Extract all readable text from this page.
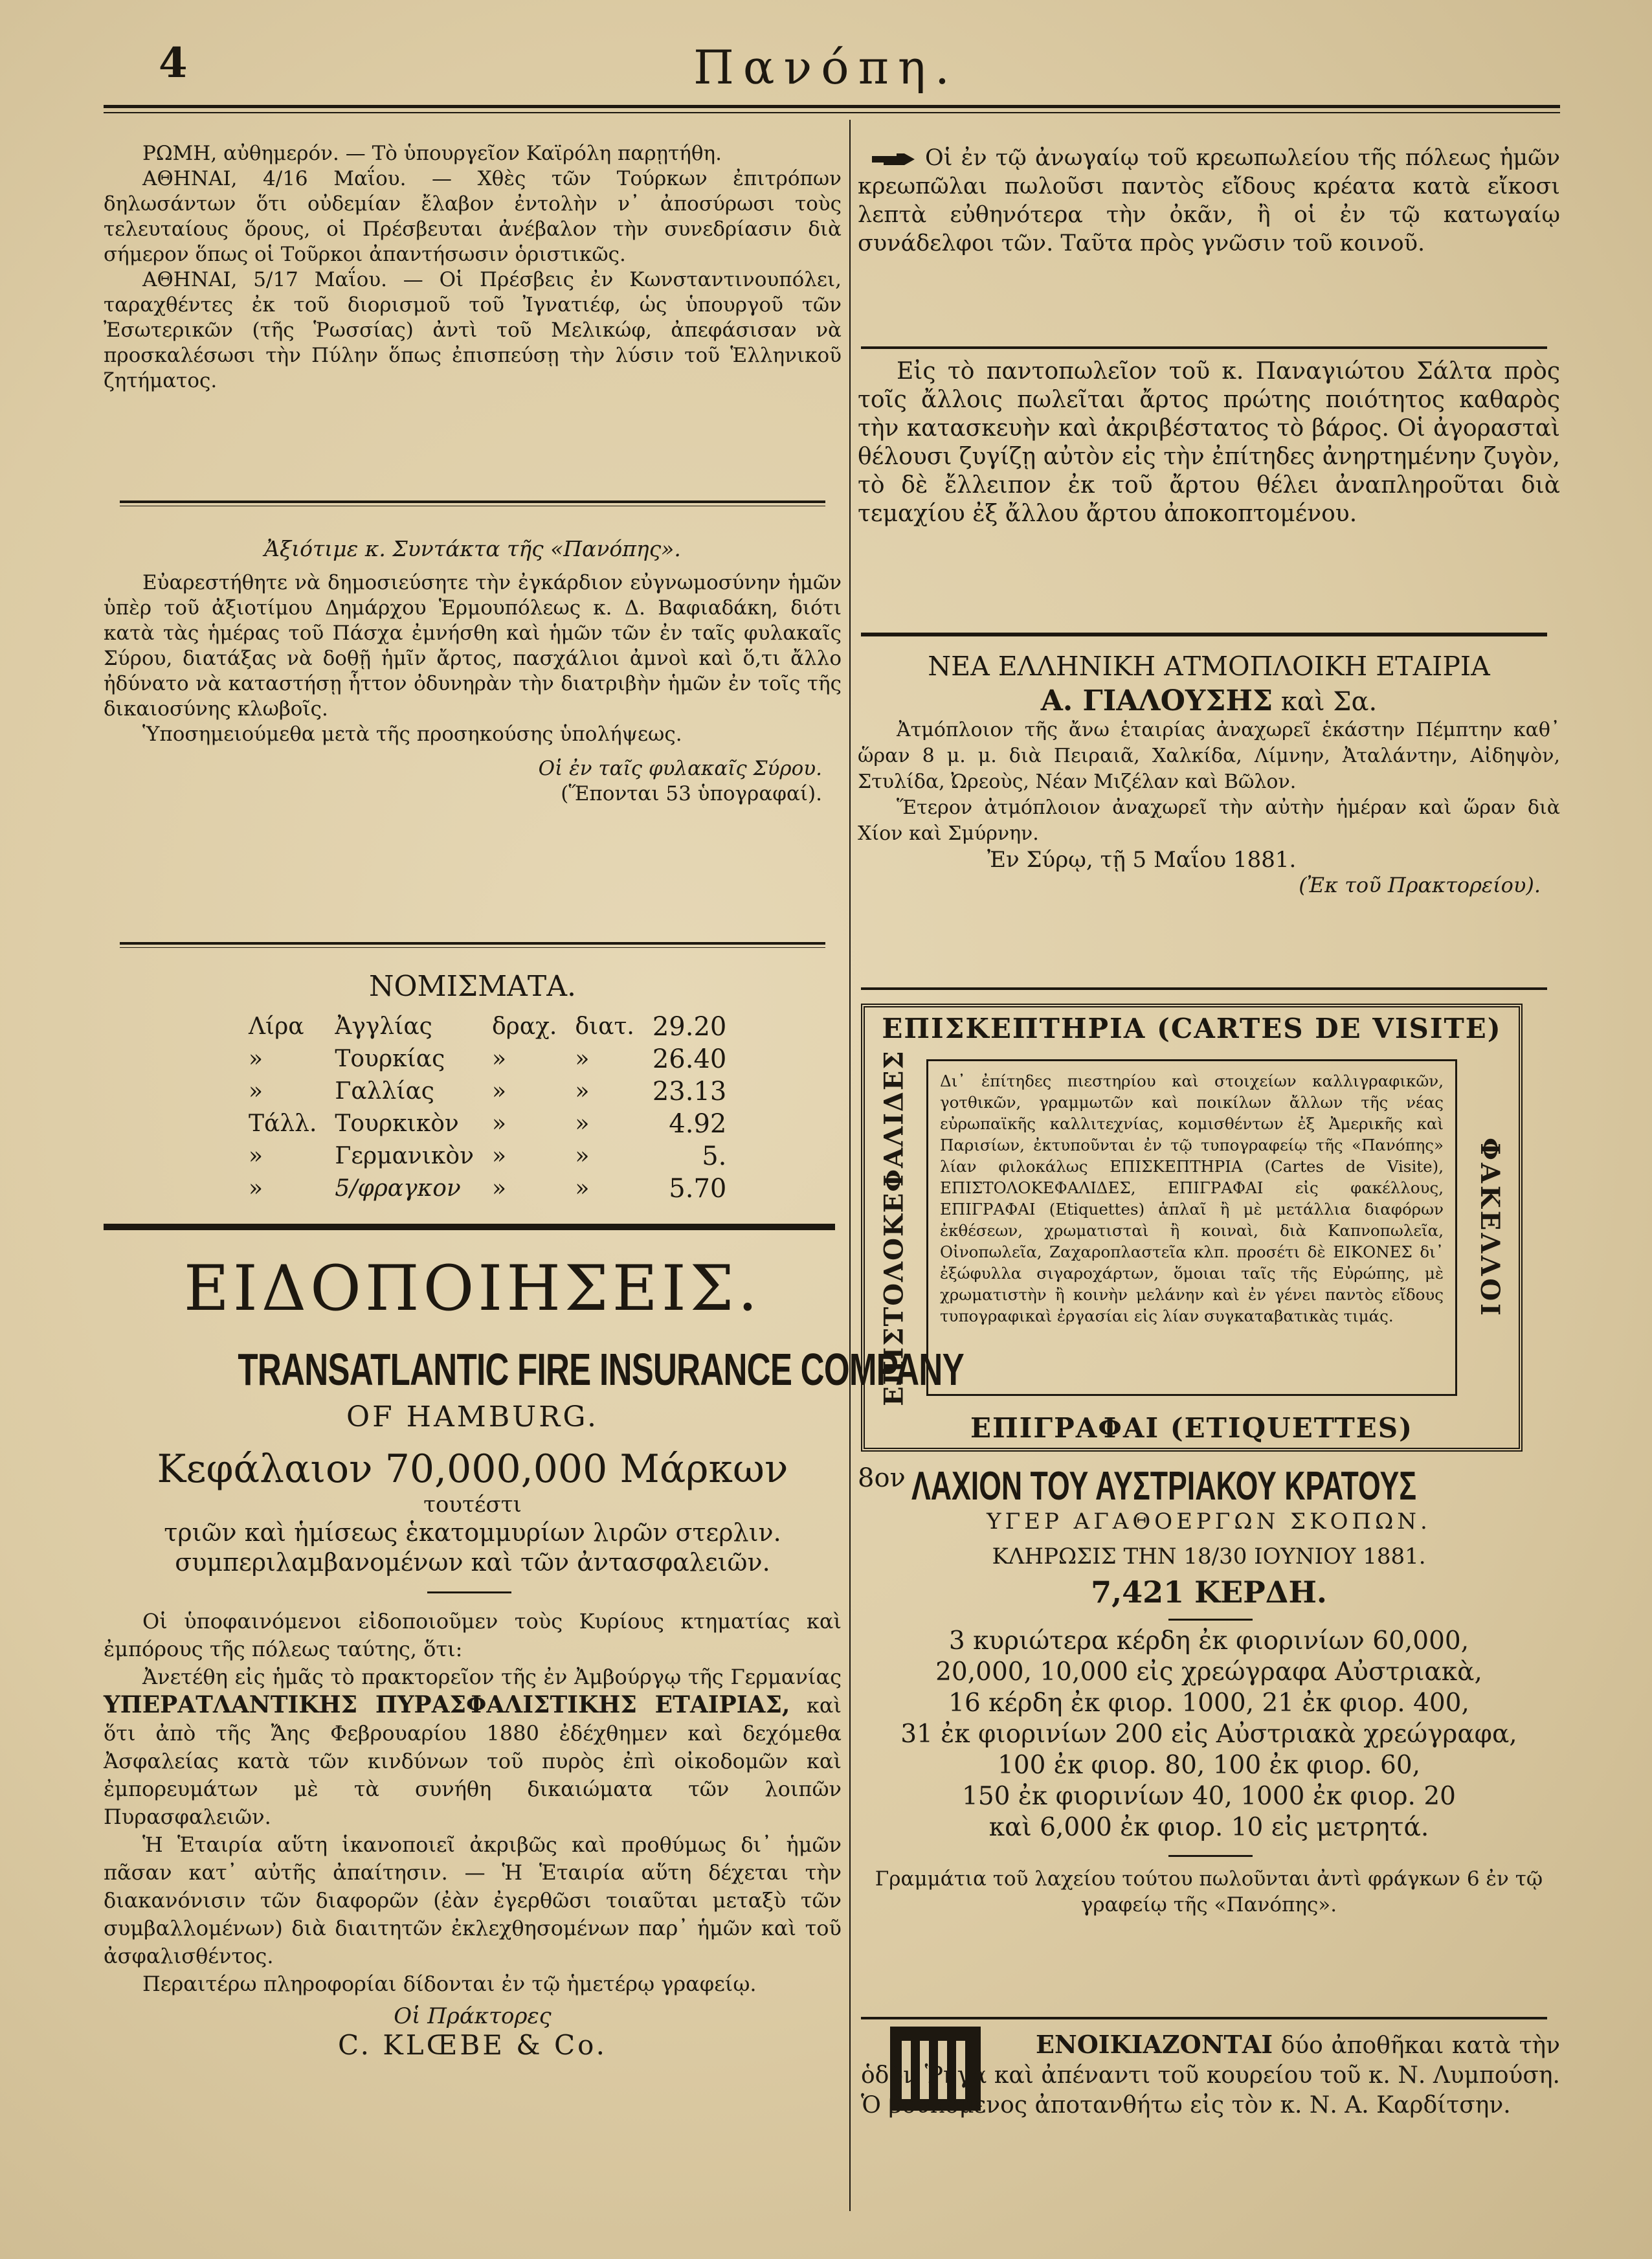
4	Πανόπη.

ΡΩΜΗ, αὐθημερόν. — Τὸ ὑπουργεῖον Καϊρόλη παρῃτήθη.

ΑΘΗΝΑΙ, 4/16 Μαΐου. — Χθὲς τῶν Τούρκων ἐπιτρόπων δηλωσάντων ὅτι οὐδεμίαν ἔλαβον ἐντολὴν ν᾽ ἀποσύρωσι τοὺς τελευταίους ὅρους, οἱ Πρέσβευται ἀνέβαλον τὴν συνεδρίασιν διὰ σήμερον ὅπως οἱ Τοῦρκοι ἀπαντήσωσιν ὁριστικῶς.

ΑΘΗΝΑΙ, 5/17 Μαΐου. — Οἱ Πρέσβεις ἐν Κωνσταντινουπόλει, ταραχθέντες ἐκ τοῦ διορισμοῦ τοῦ Ἰγνατιέφ, ὡς ὑπουργοῦ τῶν Ἐσωτερικῶν (τῆς Ῥωσσίας) ἀντὶ τοῦ Μελικώφ, ἀπεφάσισαν νὰ προσκαλέσωσι τὴν Πύλην ὅπως ἐπισπεύσῃ τὴν λύσιν τοῦ Ἑλληνικοῦ ζητήματος.

Ἀξιότιμε κ. Συντάκτα τῆς «Πανόπης».

Εὐαρεστήθητε νὰ δημοσιεύσητε τὴν ἐγκάρδιον εὐγνωμοσύνην ἡμῶν ὑπὲρ τοῦ ἀξιοτίμου Δημάρχου Ἑρμουπόλεως κ. Δ. Βαφιαδάκη, διότι κατὰ τὰς ἡμέρας τοῦ Πάσχα ἐμνήσθη καὶ ἡμῶν τῶν ἐν ταῖς φυλακαῖς Σύρου, διατάξας νὰ δοθῇ ἡμῖν ἄρτος, πασχάλιοι ἀμνοὶ καὶ ὅ,τι ἄλλο ἠδύνατο νὰ καταστήσῃ ἧττον ὀδυνηρὰν τὴν διατριβὴν ἡμῶν ἐν τοῖς τῆς δικαιοσύνης κλωβοῖς.

Ὑποσημειούμεθα μετὰ τῆς προσηκούσης ὑπολήψεως.

Οἱ ἐν ταῖς φυλακαῖς Σύρου.

(Ἕπονται 53 ὑπογραφαί).

ΝΟΜΙΣΜΑΤΑ.
Λίρα	Ἀγγλίας	δραχ.	διατ.	29.20
»	Τουρκίας	»	»	26.40
»	Γαλλίας	»	»	23.13
Τάλλ.	Τουρκικὸν	»	»	4.92
»	Γερμανικὸν	»	»	5.
»	5/φραγκον	»	»	5.70
ΕΙΔΟΠΟΙΗΣΕΙΣ.
TRANSATLANTIC FIRE INSURANCE COMPANY
OF HAMBURG.
Κεφάλαιον 70,000,000 Μάρκων
τουτέστι

τριῶν καὶ ἡμίσεως ἑκατομμυρίων λιρῶν στερλιν. συμπεριλαμβανομένων καὶ τῶν ἀντασφαλειῶν.

Οἱ ὑποφαινόμενοι εἰδοποιοῦμεν τοὺς Κυρίους κτηματίας καὶ ἐμπόρους τῆς πόλεως ταύτης, ὅτι:

Ἀνετέθη εἰς ἡμᾶς τὸ πρακτορεῖον τῆς ἐν Ἀμβούργῳ τῆς Γερμανίας ΥΠΕΡΑΤΛΑΝΤΙΚΗΣ ΠΥΡΑΣΦΑΛΙΣΤΙΚΗΣ ΕΤΑΙΡΙΑΣ, καὶ ὅτι ἀπὸ τῆς Ἄης Φεβρουαρίου 1880 ἐδέχθημεν καὶ δεχόμεθα Ἀσφαλείας κατὰ τῶν κινδύνων τοῦ πυρὸς ἐπὶ οἰκοδομῶν καὶ ἐμπορευμάτων μὲ τὰ συνήθη δικαιώματα τῶν λοιπῶν Πυρασφαλειῶν.

Ἡ Ἑταιρία αὕτη ἱκανοποιεῖ ἀκριβῶς καὶ προθύμως δι᾽ ἡμῶν πᾶσαν κατ᾽ αὐτῆς ἀπαίτησιν. — Ἡ Ἑταιρία αὕτη δέχεται τὴν διακανόνισιν τῶν διαφορῶν (ἐὰν ἐγερθῶσι τοιαῦται μεταξὺ τῶν συμβαλλομένων) διὰ διαιτητῶν ἐκλεχθησομένων παρ᾽ ἡμῶν καὶ τοῦ ἀσφαλισθέντος.

Περαιτέρω πληροφορίαι δίδονται ἐν τῷ ἡμετέρῳ γραφείῳ.

Οἱ Πράκτορες
C. KLŒBE & Co.

Οἱ ἐν τῷ ἀνωγαίῳ τοῦ κρεωπωλείου τῆς πόλεως ἡμῶν κρεωπῶλαι πωλοῦσι παντὸς εἴδους κρέατα κατὰ εἴκοσι λεπτὰ εὐθηνότερα τὴν ὀκᾶν, ἢ οἱ ἐν τῷ κατωγαίῳ συνάδελφοι τῶν. Ταῦτα πρὸς γνῶσιν τοῦ κοινοῦ.

Εἰς τὸ παντοπωλεῖον τοῦ κ. Παναγιώτου Σάλτα πρὸς τοῖς ἄλλοις πωλεῖται ἄρτος πρώτης ποιότητος καθαρὸς τὴν κατασκευὴν καὶ ἀκριβέστατος τὸ βάρος. Οἱ ἀγορασταὶ θέλουσι ζυγίζῃ αὐτὸν εἰς τὴν ἐπίτηδες ἀνηρτημένην ζυγὸν, τὸ δὲ ἔλλειπον ἐκ τοῦ ἄρτου θέλει ἀναπληροῦται διὰ τεμαχίου ἐξ ἄλλου ἄρτου ἀποκοπτομένου.

ΝΕΑ ΕΛΛΗΝΙΚΗ ΑΤΜΟΠΛΟΙΚΗ ΕΤΑΙΡΙΑ
Α. ΓΙΑΛΟΥΣΗΣ καὶ Σα.

Ἀτμόπλοιον τῆς ἄνω ἑταιρίας ἀναχωρεῖ ἑκάστην Πέμπτην καθ᾽ ὥραν 8 μ. μ. διὰ Πειραιᾶ, Χαλκίδα, Λίμνην, Ἀταλάντην, Αἰδηψὸν, Στυλίδα, Ὠρεοὺς, Νέαν Μιζέλαν καὶ Βῶλον.

Ἕτερον ἀτμόπλοιον ἀναχωρεῖ τὴν αὐτὴν ἡμέραν καὶ ὥραν διὰ Χίον καὶ Σμύρνην.

Ἐν Σύρῳ, τῇ 5 Μαΐου 1881.
(Ἐκ τοῦ Πρακτορείου).
ΕΠΙΣΚΕΠΤΗΡΙΑ (CARTES DE VISITE)
ΕΠΙΣΤΟΛΟΚΕΦΑΛΙΔΕΣ	Δι᾽ ἐπίτηδες πιεστηρίου καὶ στοιχείων καλλιγραφικῶν, γοτθικῶν, γραμμωτῶν καὶ ποικίλων ἄλλων τῆς νέας εὐρωπαϊκῆς καλλιτεχνίας, κομισθέντων ἐξ Ἀμερικῆς καὶ Παρισίων, ἐκτυποῦνται ἐν τῷ τυπογραφείῳ τῆς «Πανόπης» λίαν φιλοκάλως ΕΠΙΣΚΕΠΤΗΡΙΑ (Cartes de Visite), ΕΠΙΣΤΟΛΟΚΕΦΑΛΙΔΕΣ, ΕΠΙΓΡΑΦΑΙ εἰς φακέλλους, ΕΠΙΓΡΑΦΑΙ (Etiquettes) ἁπλαῖ ἢ μὲ μετάλλια διαφόρων ἐκθέσεων, χρωματισταὶ ἢ κοιναὶ, διὰ Καπνοπωλεῖα, Οἰνοπωλεῖα, Ζαχαροπλαστεῖα κλπ. προσέτι δὲ ΕΙΚΟΝΕΣ δι᾽ ἐξώφυλλα σιγαροχάρτων, ὅμοιαι ταῖς τῆς Εὐρώπης, μὲ χρωματιστὴν ἢ κοινὴν μελάνην καὶ ἐν γένει παντὸς εἴδους τυπογραφικαὶ ἐργασίαι εἰς λίαν συγκαταβατικὰς τιμάς.	ΦΑΚΕΛΛΟΙ
ΕΠΙΓΡΑΦΑΙ (ETIQUETTES)
8ον ΛΑΧΙΟΝ ΤΟΥ ΑΥΣΤΡΙΑΚΟΥ ΚΡΑΤΟΥΣ
ΥΓΕΡ ΑΓΑΘΟΕΡΓΩΝ ΣΚΟΠΩΝ.
ΚΛΗΡΩΣΙΣ ΤΗΝ 18/30 ΙΟΥΝΙΟΥ 1881.
7,421 ΚΕΡΔΗ.
3 κυριώτερα κέρδη ἐκ φιορινίων 60,000,
20,000, 10,000 εἰς χρεώγραφα Αὐστριακὰ,
16 κέρδη ἐκ φιορ. 1000, 21 ἐκ φιορ. 400,
31 ἐκ φιορινίων 200 εἰς Αὐστριακὰ χρεώγραφα,
100 ἐκ φιορ. 80, 100 ἐκ φιορ. 60,
150 ἐκ φιορινίων 40, 1000 ἐκ φιορ. 20
καὶ 6,000 ἐκ φιορ. 10 εἰς μετρητά.

Γραμμάτια τοῦ λαχείου τούτου πωλοῦνται ἀντὶ φράγκων 6 ἐν τῷ γραφείῳ τῆς «Πανόπης».

ΕΝΟΙΚΙΑΖΟΝΤΑΙ δύο ἀποθῆκαι κατὰ τὴν ὁδὸν Ῥήγα καὶ ἀπέναντι τοῦ κουρείου τοῦ κ. Ν. Λυμπούση. Ὁ βουλόμενος ἀποτανθήτω εἰς τὸν κ. Ν. Α. Καρδίτσην.
